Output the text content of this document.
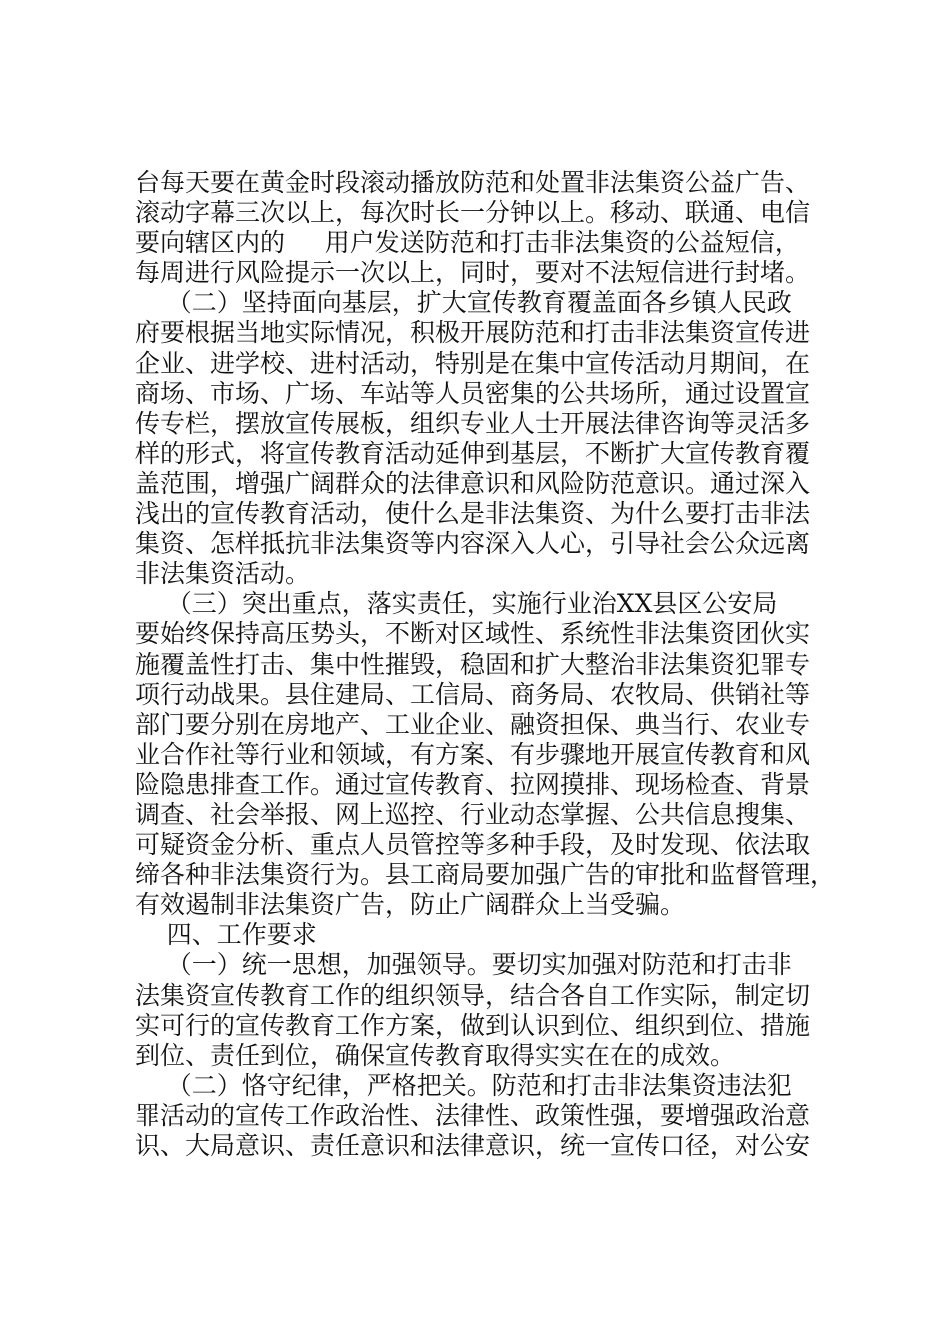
台每天要在黄金时段滚动播放防范和处置非法集资公益广告、
滚动字幕三次以上，每次时长一分钟以上。移动、联通、电信
要向辖区内的     用户发送防范和打击非法集资的公益短信，
每周进行风险提示一次以上，同时，要对不法短信进行封堵。
（二）坚持面向基层，扩大宣传教育覆盖面各乡镇人民政
府要根据当地实际情况，积极开展防范和打击非法集资宣传进
企业、进学校、进村活动，特别是在集中宣传活动月期间，在
商场、市场、广场、车站等人员密集的公共场所，通过设置宣
传专栏，摆放宣传展板，组织专业人士开展法律咨询等灵活多
样的形式，将宣传教育活动延伸到基层，不断扩大宣传教育覆
盖范围，增强广阔群众的法律意识和风险防范意识。通过深入
浅出的宣传教育活动，使什么是非法集资、为什么要打击非法
集资、怎样抵抗非法集资等内容深入人心，引导社会公众远离
非法集资活动。
（三）突出重点，落实责任，实施行业治XX县区公安局
要始终保持高压势头，不断对区域性、系统性非法集资团伙实
施覆盖性打击、集中性摧毁，稳固和扩大整治非法集资犯罪专
项行动战果。县住建局、工信局、商务局、农牧局、供销社等
部门要分别在房地产、工业企业、融资担保、典当行、农业专
业合作社等行业和领域，有方案、有步骤地开展宣传教育和风
险隐患排查工作。通过宣传教育、拉网摸排、现场检查、背景
调查、社会举报、网上巡控、行业动态掌握、公共信息搜集、
可疑资金分析、重点人员管控等多种手段，及时发现、依法取
缔各种非法集资行为。县工商局要加强广告的审批和监督管理，
有效遏制非法集资广告，防止广阔群众上当受骗。
四、工作要求
（一）统一思想，加强领导。要切实加强对防范和打击非
法集资宣传教育工作的组织领导，结合各自工作实际，制定切
实可行的宣传教育工作方案，做到认识到位、组织到位、措施
到位、责任到位，确保宣传教育取得实实在在的成效。
（二）恪守纪律，严格把关。防范和打击非法集资违法犯
罪活动的宣传工作政治性、法律性、政策性强，要增强政治意
识、大局意识、责任意识和法律意识，统一宣传口径，对公安
